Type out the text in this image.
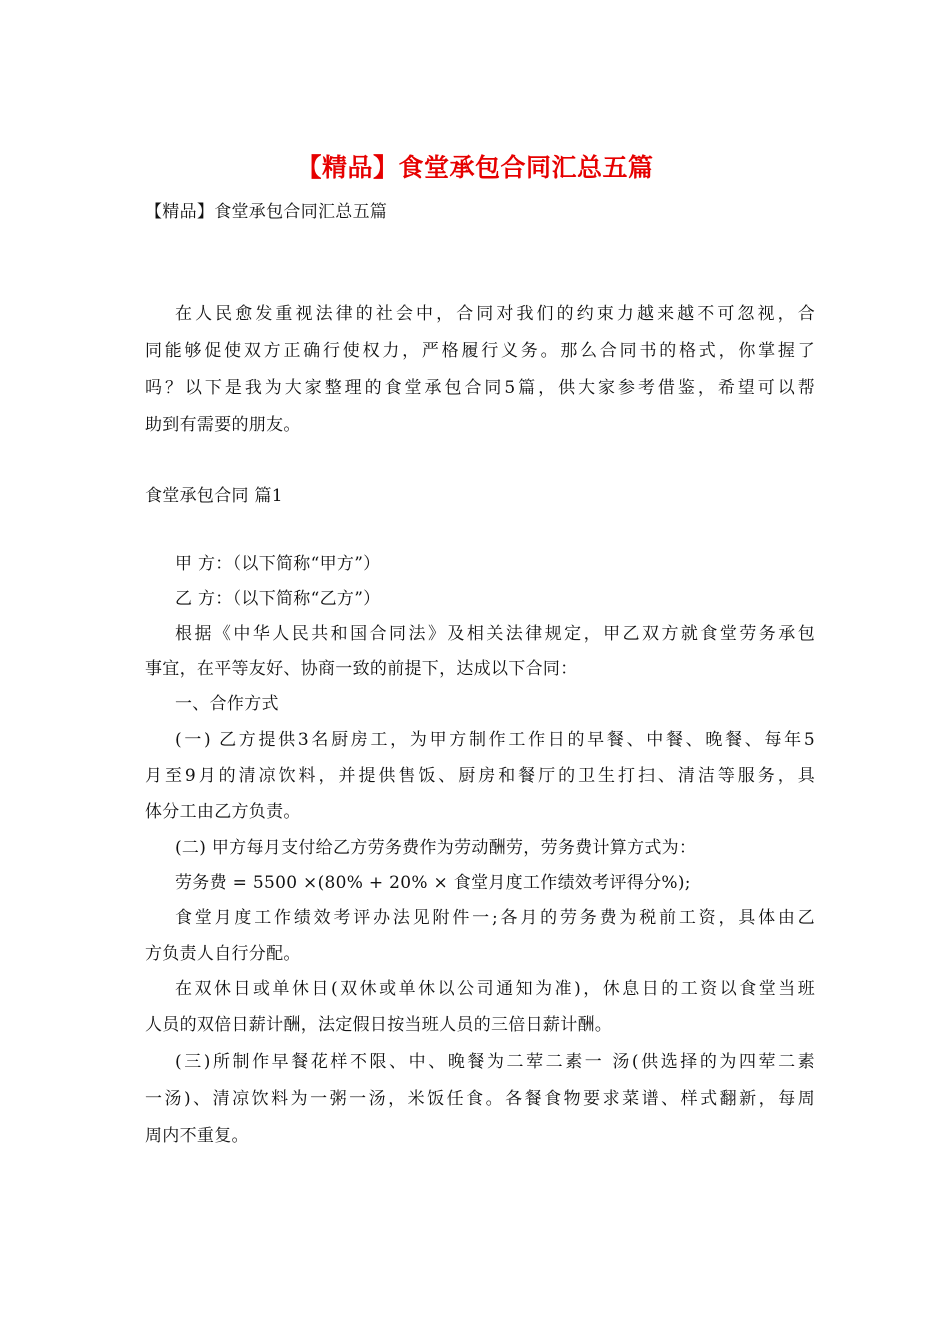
【精品】食堂承包合同汇总五篇
【精品】食堂承包合同汇总五篇
在人民愈发重视法律的社会中，合同对我们的约束力越来越不可忽视，合
同能够促使双方正确行使权力，严格履行义务。那么合同书的格式，你掌握了
吗？以下是我为大家整理的食堂承包合同5篇，供大家参考借鉴，希望可以帮
助到有需要的朋友。
食堂承包合同 篇1
甲 方：（以下简称“甲方”）
乙 方：（以下简称“乙方”）
根据《中华人民共和国合同法》及相关法律规定，甲乙双方就食堂劳务承包
事宜，在平等友好、协商一致的前提下，达成以下合同：
一、合作方式
(一) 乙方提供3名厨房工，为甲方制作工作日的早餐、中餐、晚餐、每年5
月至9月的清凉饮料，并提供售饭、厨房和餐厅的卫生打扫、清洁等服务，具
体分工由乙方负责。
(二) 甲方每月支付给乙方劳务费作为劳动酬劳，劳务费计算方式为：
劳务费 = 5500 ×(80% + 20% × 食堂月度工作绩效考评得分%);
食堂月度工作绩效考评办法见附件一;各月的劳务费为税前工资，具体由乙
方负责人自行分配。
在双休日或单休日(双休或单休以公司通知为准)，休息日的工资以食堂当班
人员的双倍日薪计酬，法定假日按当班人员的三倍日薪计酬。
(三)所制作早餐花样不限、中、晚餐为二荤二素一 汤(供选择的为四荤二素
一汤)、清凉饮料为一粥一汤，米饭任食。各餐食物要求菜谱、样式翻新，每周
周内不重复。
